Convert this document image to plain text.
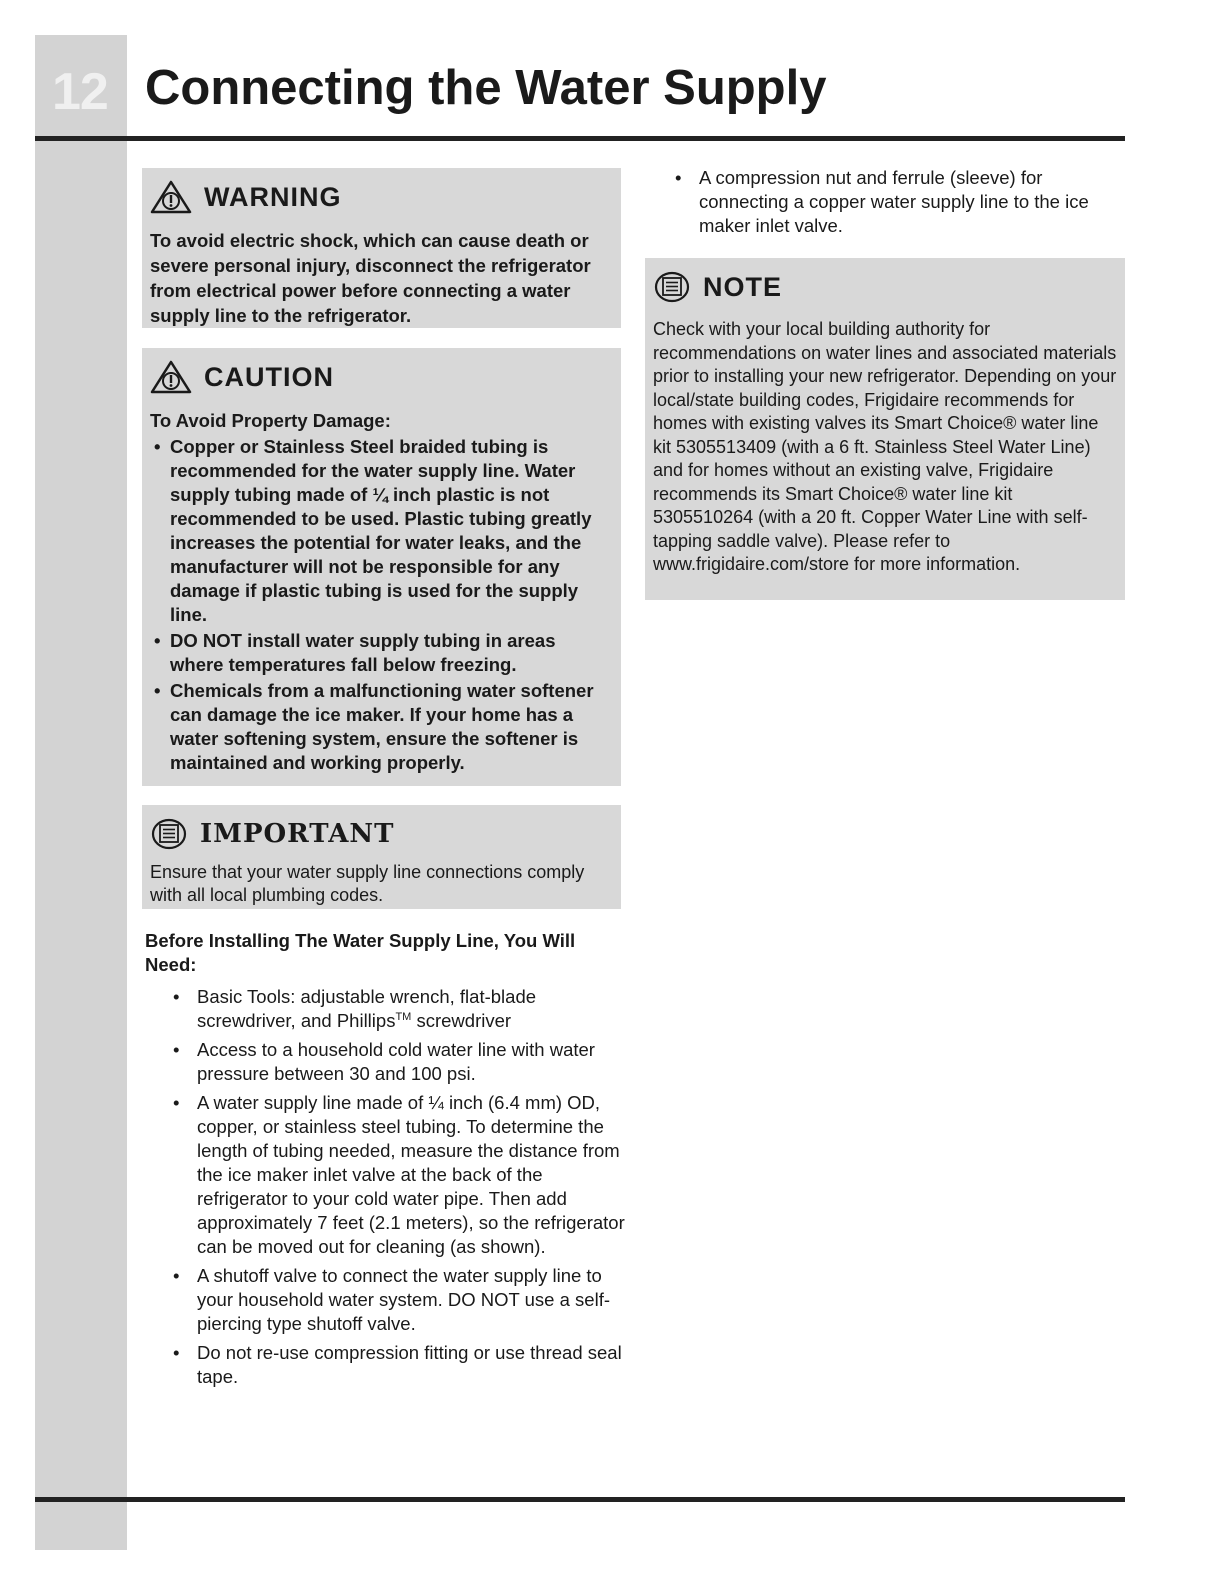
12 Connecting the Water Supply
WARNING
To avoid electric shock, which can cause death or severe personal injury, disconnect the refrigerator from electrical power before connecting a water supply line to the refrigerator.
CAUTION
To Avoid Property Damage:
• Copper or Stainless Steel braided tubing is recommended for the water supply line. Water supply tubing made of ¼ inch plastic is not recommended to be used. Plastic tubing greatly increases the potential for water leaks, and the manufacturer will not be responsible for any damage if plastic tubing is used for the supply line.
• DO NOT install water supply tubing in areas where temperatures fall below freezing.
• Chemicals from a malfunctioning water softener can damage the ice maker. If your home has a water softening system, ensure the softener is maintained and working properly.
IMPORTANT
Ensure that your water supply line connections comply with all local plumbing codes.
Before Installing The Water Supply Line, You Will Need:
• Basic Tools: adjustable wrench, flat-blade screwdriver, and Phillips™ screwdriver
• Access to a household cold water line with water pressure between 30 and 100 psi.
• A water supply line made of ¼ inch (6.4 mm) OD, copper, or stainless steel tubing. To determine the length of tubing needed, measure the distance from the ice maker inlet valve at the back of the refrigerator to your cold water pipe. Then add approximately 7 feet (2.1 meters), so the refrigerator can be moved out for cleaning (as shown).
• A shutoff valve to connect the water supply line to your household water system. DO NOT use a self-piercing type shutoff valve.
• Do not re-use compression fitting or use thread seal tape.
• A compression nut and ferrule (sleeve) for connecting a copper water supply line to the ice maker inlet valve.
NOTE
Check with your local building authority for recommendations on water lines and associated materials prior to installing your new refrigerator. Depending on your local/state building codes, Frigidaire recommends for homes with existing valves its Smart Choice® water line kit 5305513409 (with a 6 ft. Stainless Steel Water Line) and for homes without an existing valve, Frigidaire recommends its Smart Choice® water line kit 5305510264 (with a 20 ft. Copper Water Line with self-tapping saddle valve). Please refer to www.frigidaire.com/store for more information.
